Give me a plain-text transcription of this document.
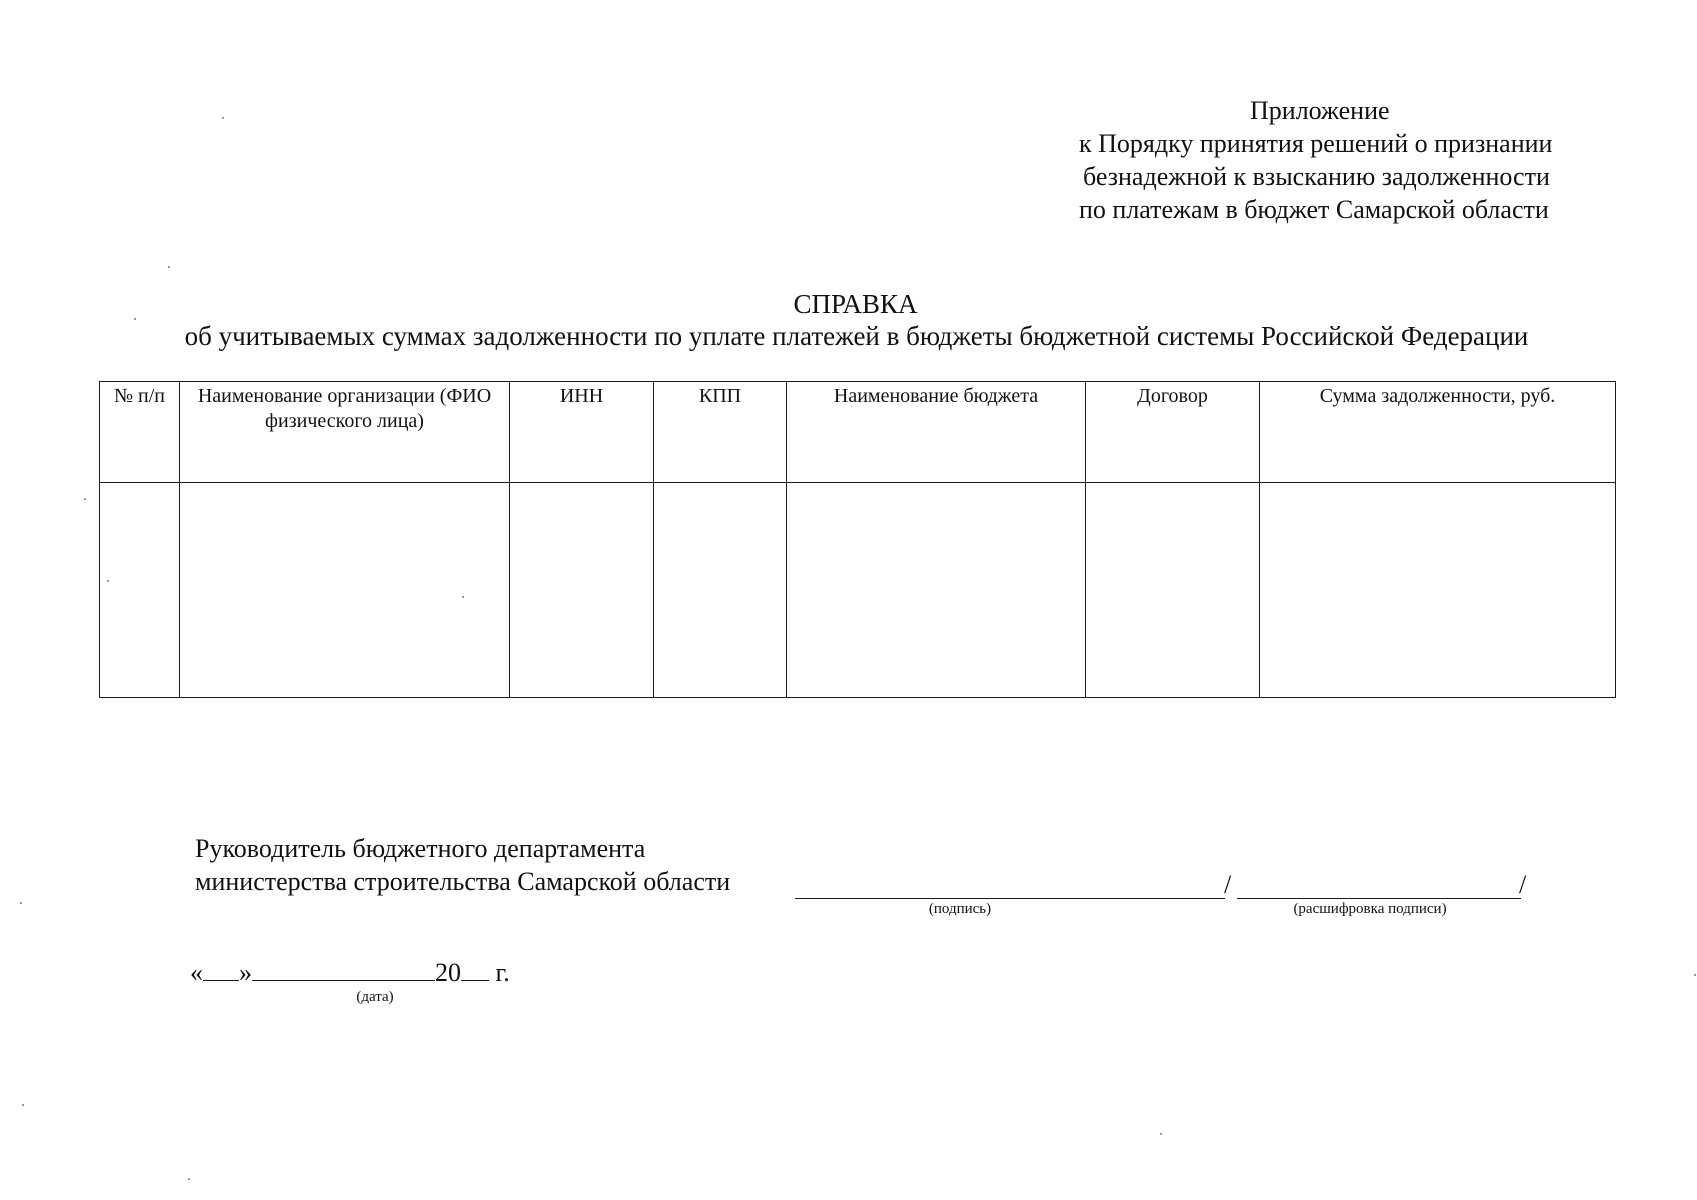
Приложение
к Порядку принятия решений о признании
безнадежной к взысканию задолженности
по платежам в бюджет Самарской области
СПРАВКА
об учитываемых суммах задолженности по уплате платежей в бюджеты бюджетной системы Российской Федерации
№ п/п	Наименование организации (ФИО физического лица)	ИНН	КПП	Наименование бюджета	Договор	Сумма задолженности, руб.

Руководитель бюджетного департамента
министерства строительства Самарской области	/	/
(подпись)	(расшифровка подписи)
« »	20 г.
(дата)
